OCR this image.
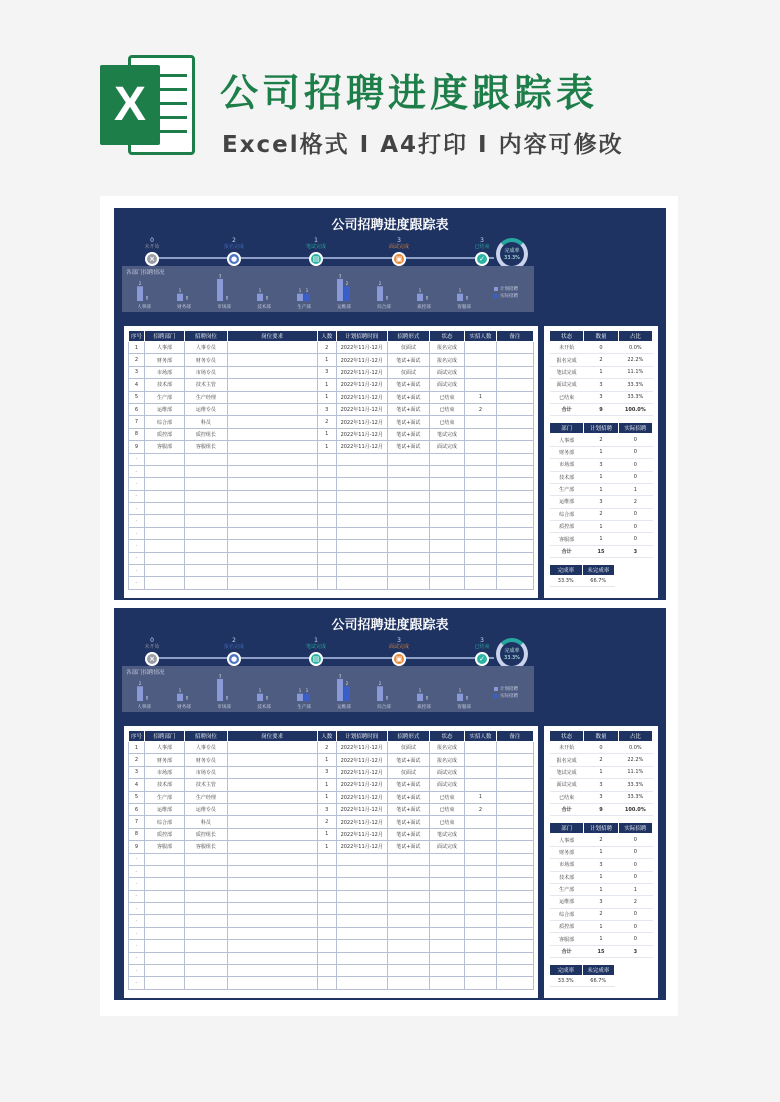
X	公司招聘进度跟踪表
Excel格式 I A4打印 I 内容可修改
公司招聘进度跟踪表
0
未开始
×
2
报名完成
●
1
笔试完成
▤
3
面试完成
▣
3
已结束
✓
完成率
33.3%
各部门招聘情况
2
0
人事部
1
0
财务部
3
0
市场部
1
0
技术部
1 1
生产部
3
2
运维部
2
0
综合部
1
0
质控部
1
0
客服部
计划招聘
实际招聘
序号	招聘部门	招聘岗位	岗位要求	人数	计划招聘时间	招聘形式	状态	实招人数	备注
1	人事部	人事专员		2	2022年11月-12月	仅面试	报名完成		
2	财务部	财务专员		1	2022年11月-12月	笔试+面试	报名完成		
3	市场部	市场专员		3	2022年11月-12月	仅面试	面试完成		
4	技术部	技术主管		1	2022年11月-12月	笔试+面试	面试完成		
5	生产部	生产经理		1	2022年11月-12月	笔试+面试	已结束	1	
6	运维部	运维专员		3	2022年11月-12月	笔试+面试	已结束	2	
7	综合部	科员		2	2022年11月-12月	笔试+面试	已结束		
8	质控部	质控组长		1	2022年11月-12月	笔试+面试	笔试完成		
9	客服部	客服组长		1	2022年11月-12月	笔试+面试	面试完成		
-									
-									
-									
-									
-									
-									
-									
-									
-									
-									
-									
状态	数量	占比
未开始	0	0.0%
报名完成	2	22.2%
笔试完成	1	11.1%
面试完成	3	33.3%
已结束	3	33.3%
合计	9	100.0%
部门	计划招聘	实际招聘
人事部	2	0
财务部	1	0
市场部	3	0
技术部	1	0
生产部	1	1
运维部	3	2
综合部	2	0
质控部	1	0
客服部	1	0
合计	15	3
完成率	未完成率
33.3%	66.7%
公司招聘进度跟踪表
0
未开始
×
2
报名完成
●
1
笔试完成
▤
3
面试完成
▣
3
已结束
✓
完成率
33.3%
各部门招聘情况
2
0
人事部
1
0
财务部
3
0
市场部
1
0
技术部
1 1
生产部
3
2
运维部
2
0
综合部
1
0
质控部
1
0
客服部
计划招聘
实际招聘
序号	招聘部门	招聘岗位	岗位要求	人数	计划招聘时间	招聘形式	状态	实招人数	备注
1	人事部	人事专员		2	2022年11月-12月	仅面试	报名完成		
2	财务部	财务专员		1	2022年11月-12月	笔试+面试	报名完成		
3	市场部	市场专员		3	2022年11月-12月	仅面试	面试完成		
4	技术部	技术主管		1	2022年11月-12月	笔试+面试	面试完成		
5	生产部	生产经理		1	2022年11月-12月	笔试+面试	已结束	1	
6	运维部	运维专员		3	2022年11月-12月	笔试+面试	已结束	2	
7	综合部	科员		2	2022年11月-12月	笔试+面试	已结束		
8	质控部	质控组长		1	2022年11月-12月	笔试+面试	笔试完成		
9	客服部	客服组长		1	2022年11月-12月	笔试+面试	面试完成		
-									
-									
-									
-									
-									
-									
-									
-									
-									
-									
-									
状态	数量	占比
未开始	0	0.0%
报名完成	2	22.2%
笔试完成	1	11.1%
面试完成	3	33.3%
已结束	3	33.3%
合计	9	100.0%
部门	计划招聘	实际招聘
人事部	2	0
财务部	1	0
市场部	3	0
技术部	1	0
生产部	1	1
运维部	3	2
综合部	2	0
质控部	1	0
客服部	1	0
合计	15	3
完成率	未完成率
33.3%	66.7%
